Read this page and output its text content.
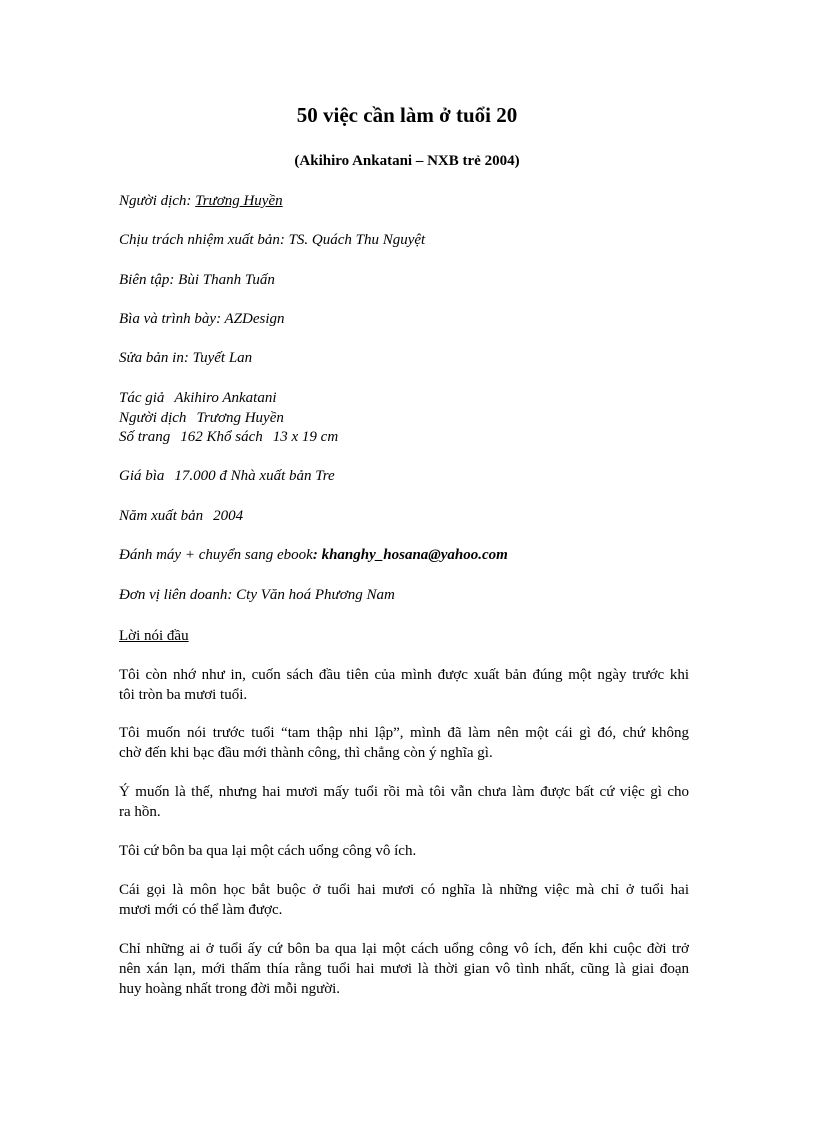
50 việc cần làm ở tuổi 20

(Akihiro Ankatani – NXB trẻ 2004)

Người dịch: Trương Huyền

Chịu trách nhiệm xuất bản: TS. Quách Thu Nguyệt

Biên tập: Bùi Thanh Tuấn

Bìa và trình bày: AZDesign

Sửa bản in: Tuyết Lan

Tác giả Akihiro Ankatani
Người dịch Trương Huyền
Số trang 162 Khổ sách 13 x 19 cm

Giá bìa 17.000 đ Nhà xuất bản Tre

Năm xuất bản 2004

Đánh máy + chuyển sang ebook: khanghy_hosana@yahoo.com

Đơn vị liên doanh: Cty Văn hoá Phương Nam

Lời nói đầu

Tôi còn nhớ như in, cuốn sách đầu tiên của mình được xuất bản đúng một ngày trước khi
tôi tròn ba mươi tuổi.

Tôi muốn nói trước tuổi “tam thập nhi lập”, mình đã làm nên một cái gì đó, chứ không
chờ đến khi bạc đầu mới thành công, thì chẳng còn ý nghĩa gì.

Ý muốn là thế, nhưng hai mươi mấy tuổi rồi mà tôi vẫn chưa làm được bất cứ việc gì cho
ra hồn.

Tôi cứ bôn ba qua lại một cách uổng công vô ích.

Cái gọi là môn học bắt buộc ở tuổi hai mươi có nghĩa là những việc mà chỉ ở tuổi hai
mươi mới có thể làm được.

Chỉ những ai ở tuổi ấy cứ bôn ba qua lại một cách uổng công vô ích, đến khi cuộc đời trở
nên xán lạn, mới thấm thía rằng tuổi hai mươi là thời gian vô tình nhất, cũng là giai đoạn
huy hoàng nhất trong đời mỗi người.
